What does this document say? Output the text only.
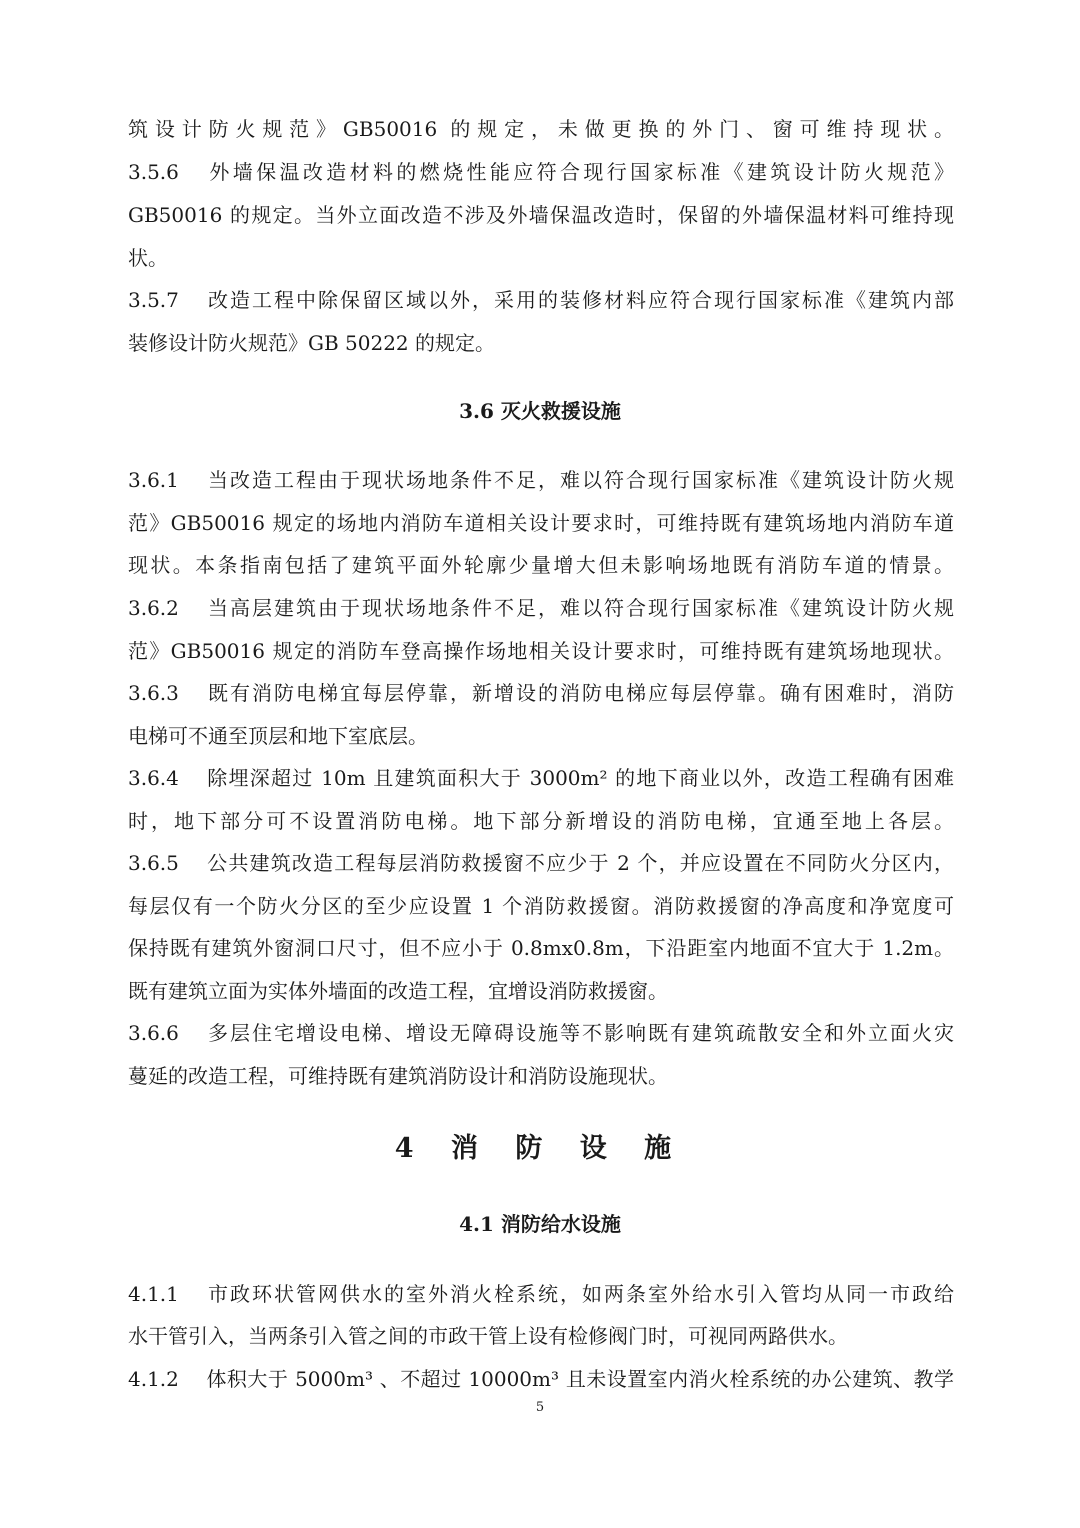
筑设计防火规范》GB50016 的规定，未做更换的外门、窗可维持现状。
3.5.6 外墙保温改造材料的燃烧性能应符合现行国家标准《建筑设计防火规范》
GB50016 的规定。当外立面改造不涉及外墙保温改造时，保留的外墙保温材料可维持现
状。
3.5.7 改造工程中除保留区域以外，采用的装修材料应符合现行国家标准《建筑内部
装修设计防火规范》GB 50222 的规定。
3.6 灭火救援设施
3.6.1 当改造工程由于现状场地条件不足，难以符合现行国家标准《建筑设计防火规
范》GB50016 规定的场地内消防车道相关设计要求时，可维持既有建筑场地内消防车道
现状。本条指南包括了建筑平面外轮廓少量增大但未影响场地既有消防车道的情景。
3.6.2 当高层建筑由于现状场地条件不足，难以符合现行国家标准《建筑设计防火规
范》GB50016 规定的消防车登高操作场地相关设计要求时，可维持既有建筑场地现状。
3.6.3 既有消防电梯宜每层停靠，新增设的消防电梯应每层停靠。确有困难时，消防
电梯可不通至顶层和地下室底层。
3.6.4 除埋深超过 10m 且建筑面积大于 3000m² 的地下商业以外，改造工程确有困难
时，地下部分可不设置消防电梯。地下部分新增设的消防电梯，宜通至地上各层。
3.6.5 公共建筑改造工程每层消防救援窗不应少于 2 个，并应设置在不同防火分区内，
每层仅有一个防火分区的至少应设置 1 个消防救援窗。消防救援窗的净高度和净宽度可
保持既有建筑外窗洞口尺寸，但不应小于 0.8mx0.8m，下沿距室内地面不宜大于 1.2m。
既有建筑立面为实体外墙面的改造工程，宜增设消防救援窗。
3.6.6 多层住宅增设电梯、增设无障碍设施等不影响既有建筑疏散安全和外立面火灾
蔓延的改造工程，可维持既有建筑消防设计和消防设施现状。
4 消 防 设 施
4.1 消防给水设施
4.1.1 市政环状管网供水的室外消火栓系统，如两条室外给水引入管均从同一市政给
水干管引入，当两条引入管之间的市政干管上设有检修阀门时，可视同两路供水。
4.1.2 体积大于 5000m³ 、不超过 10000m³ 且未设置室内消火栓系统的办公建筑、教学
5
